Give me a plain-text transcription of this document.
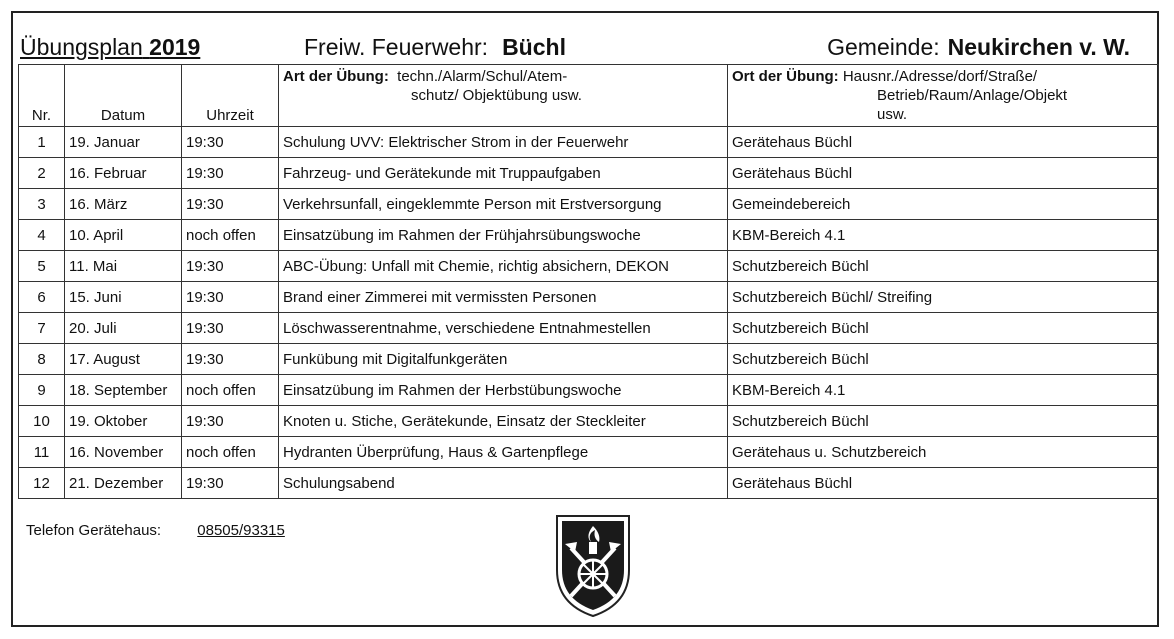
Übungsplan 2019	Freiw. Feuerwehr: Büchl	Gemeinde: Neukirchen v. W.
Nr.	Datum	Uhrzeit	Art der Übung: techn./Alarm/Schul/Atem-
schutz/ Objektübung usw.	Ort der Übung: Hausnr./Adresse/dorf/Straße/
Betrieb/Raum/Anlage/Objekt
usw.

1	19. Januar	19:30	Schulung UVV: Elektrischer Strom in der Feuerwehr	Gerätehaus Büchl
2	16. Februar	19:30	Fahrzeug- und Gerätekunde mit Truppaufgaben	Gerätehaus Büchl
3	16. März	19:30	Verkehrsunfall, eingeklemmte Person mit Erstversorgung	Gemeindebereich
4	10. April	noch offen	Einsatzübung im Rahmen der Frühjahrsübungswoche	KBM-Bereich 4.1
5	11. Mai	19:30	ABC-Übung: Unfall mit Chemie, richtig absichern, DEKON	Schutzbereich Büchl
6	15. Juni	19:30	Brand einer Zimmerei mit vermissten Personen	Schutzbereich Büchl/ Streifing
7	20. Juli	19:30	Löschwasserentnahme, verschiedene Entnahmestellen	Schutzbereich Büchl
8	17. August	19:30	Funkübung mit Digitalfunkgeräten	Schutzbereich Büchl
9	18. September	noch offen	Einsatzübung im Rahmen der Herbstübungswoche	KBM-Bereich 4.1
10	19. Oktober	19:30	Knoten u. Stiche, Gerätekunde, Einsatz der Steckleiter	Schutzbereich Büchl
11	16. November	noch offen	Hydranten Überprüfung, Haus & Gartenpflege	Gerätehaus u. Schutzbereich
12	21. Dezember	19:30	Schulungsabend	Gerätehaus Büchl
Telefon Gerätehaus: 08505/93315
